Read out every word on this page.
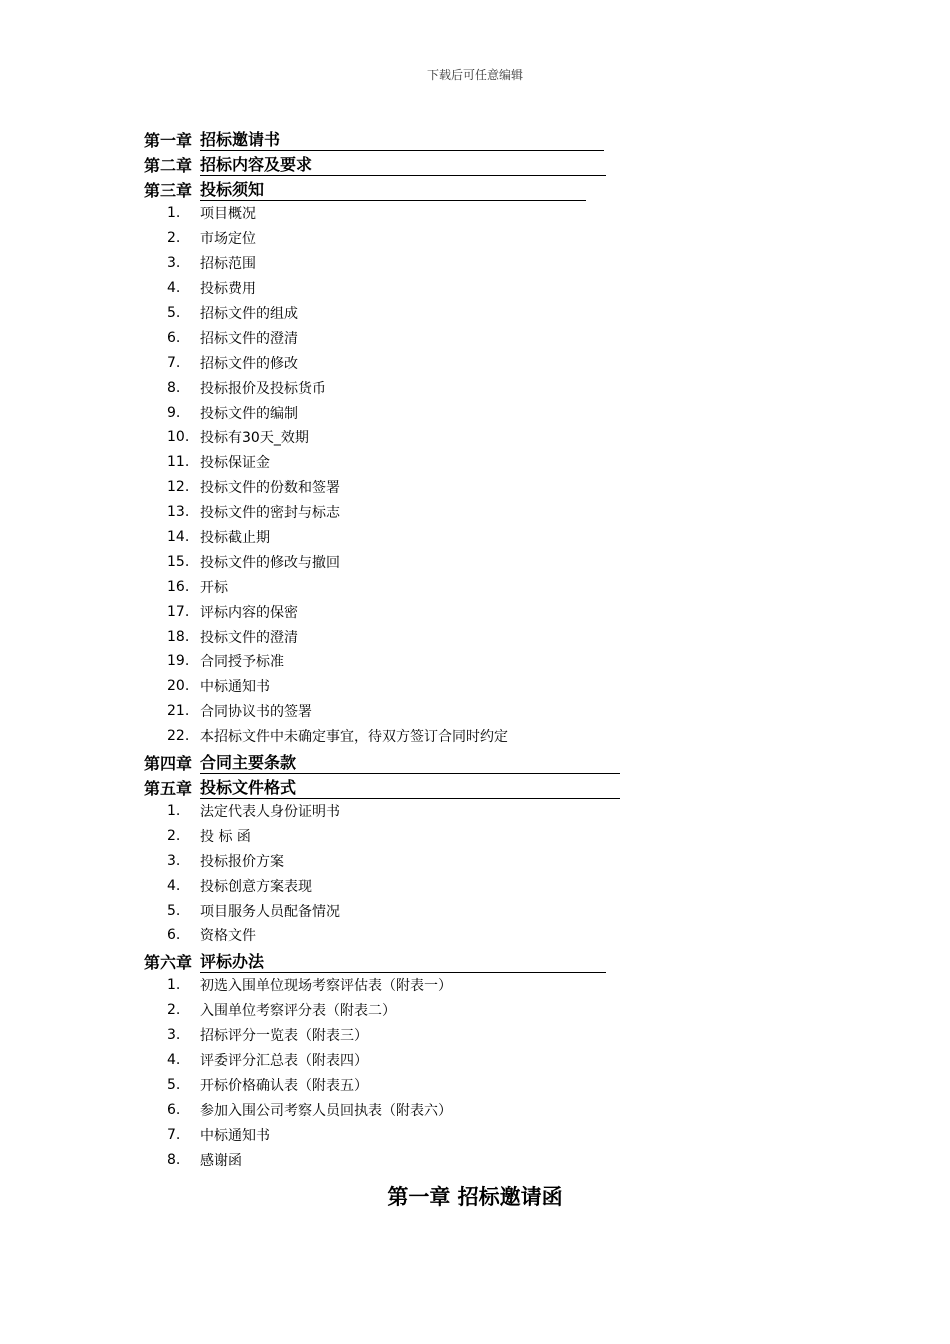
下载后可任意编辑
第一章 招标邀请书
第二章 招标内容及要求
第三章 投标须知
1.	项目概况
2.	市场定位
3.	招标范围
4.	投标费用
5.	招标文件的组成
6.	招标文件的澄清
7.	招标文件的修改
8.	投标报价及投标货币
9.	投标文件的编制
10. 投标有30天_效期
11. 投标保证金
12. 投标文件的份数和签署
13. 投标文件的密封与标志
14. 投标截止期
15. 投标文件的修改与撤回
16. 开标
17. 评标内容的保密
18. 投标文件的澄清
19. 合同授予标准
20. 中标通知书
21. 合同协议书的签署
22. 本招标文件中未确定事宜，待双方签订合同时约定
第四章 合同主要条款
第五章 投标文件格式
1.	法定代表人身份证明书
2.	投 标 函
3.	投标报价方案
4.	投标创意方案表现
5.	项目服务人员配备情况
6.	资格文件
第六章 评标办法
1.	初选入围单位现场考察评估表（附表一）
2.	入围单位考察评分表（附表二）
3.	招标评分一览表（附表三）
4.	评委评分汇总表（附表四）
5.	开标价格确认表（附表五）
6.	参加入围公司考察人员回执表（附表六）
7.	中标通知书
8.	感谢函
第一章 招标邀请函
